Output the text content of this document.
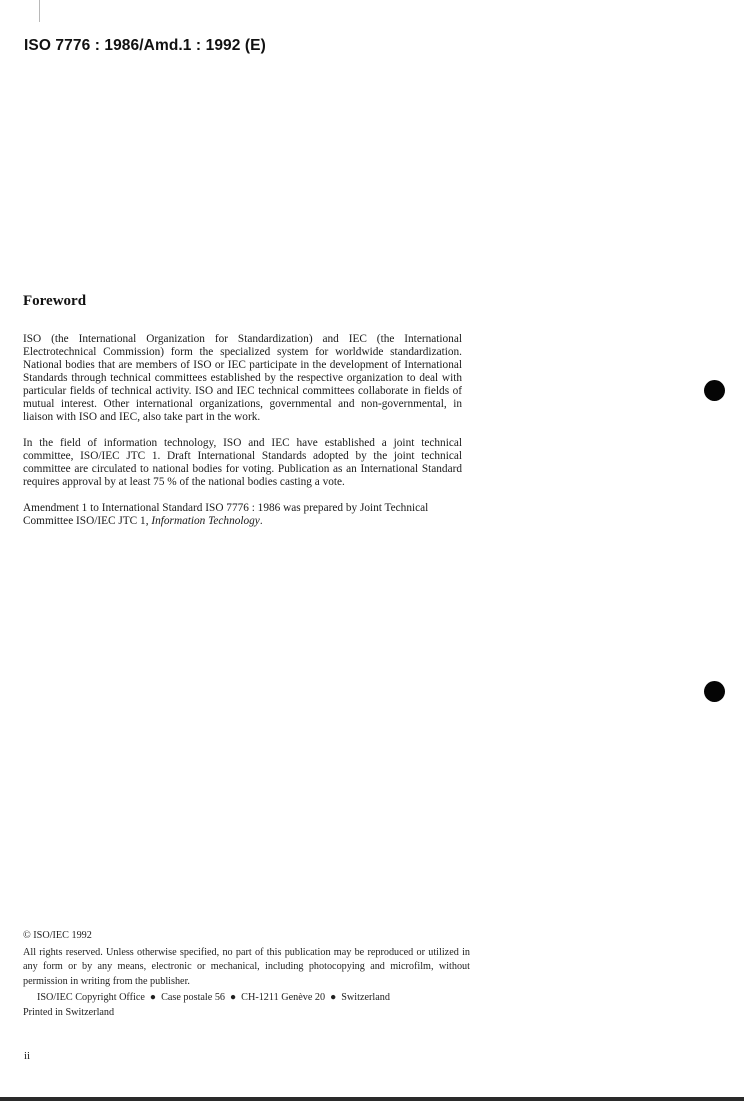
ISO 7776 : 1986/Amd.1 : 1992 (E)
Foreword

ISO (the International Organization for Standardization) and IEC (the International Electrotechnical Commission) form the specialized system for worldwide standardization. National bodies that are members of ISO or IEC participate in the development of International Standards through technical committees established by the respective organization to deal with particular fields of technical activity. ISO and IEC technical committees collaborate in fields of mutual interest. Other international organizations, governmental and non-governmental, in liaison with ISO and IEC, also take part in the work.

In the field of information technology, ISO and IEC have established a joint technical committee, ISO/IEC JTC 1. Draft International Standards adopted by the joint technical committee are circulated to national bodies for voting. Publication as an International Standard requires approval by at least 75 % of the national bodies casting a vote.

Amendment 1 to International Standard ISO 7776 : 1986 was prepared by Joint Technical Committee ISO/IEC JTC 1, Information Technology.

© ISO/IEC 1992
All rights reserved. Unless otherwise specified, no part of this publication may be reproduced or utilized in any form or by any means, electronic or mechanical, including photocopying and microfilm, without permission in writing from the publisher.
ISO/IEC Copyright Office ● Case postale 56 ● CH-1211 Genève 20 ● Switzerland
Printed in Switzerland
ii
